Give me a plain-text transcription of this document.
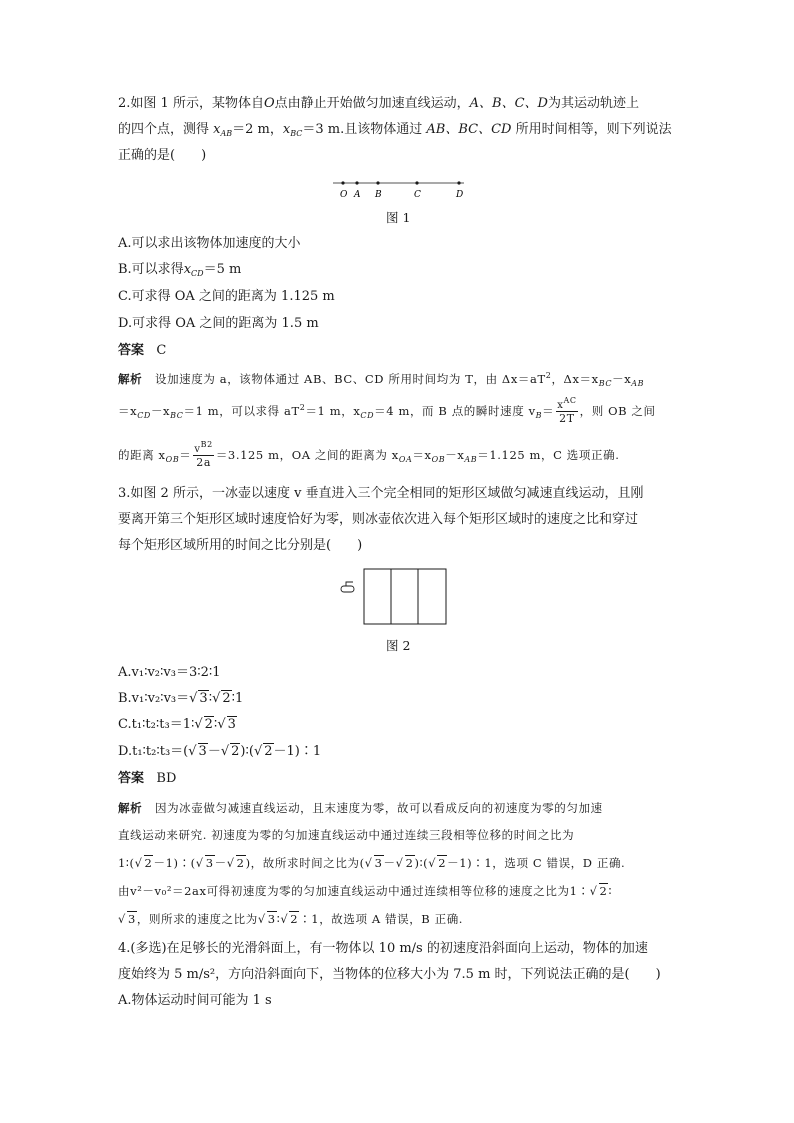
2.如图 1 所示，某物体自O点由静止开始做匀加速直线运动，A、B、C、D为其运动轨迹上
的四个点，测得 $x_{AB}=2$ m，$x_{BC}=3$ m.且该物体通过 AB、BC、CD 所用时间相等，则下列说法
正确的是(　　)
O A B	C	D
图 1
A.可以求出该物体加速度的大小
B.可以求得$x_{CD}=5$ m
C.可求得 OA 之间的距离为 1.125 m
D.可求得 OA 之间的距离为 1.5 m
答案 C
解析 设加速度为 a，该物体通过 AB、BC、CD 所用时间均为 T，由 $\Delta x=aT^2$，$\Delta x=x_{BC}-x_{AB}$
$=x_{CD}-x_{BC}=1$ m，可以求得 $aT^2=1$ m，$x_{CD}=4$ m，而 B 点的瞬时速度 $v_B= \frac{x^{AC}}{2T}$ ，则 OB 之间
的距离 $x_{OB}= \frac{v^{B2}}{2a} =3.125$ m，OA 之间的距离为 $x_{OA}=x_{OB}-x_{AB}=1.125$ m，C 选项正确.
3.如图 2 所示，一冰壶以速度 v 垂直进入三个完全相同的矩形区域做匀减速直线运动，且刚
要离开第三个矩形区域时速度恰好为零，则冰壶依次进入每个矩形区域时的速度之比和穿过
每个矩形区域所用的时间之比分别是(　　)
图 2
A.v₁∶v₂∶v₃＝3∶2∶1
B.v₁∶v₂∶v₃＝√ 3∶√ 2∶1
C.t₁∶t₂∶t₃＝1∶√ 2∶√ 3
D.t₁∶t₂∶t₃＝(√ 3－√ 2)∶(√ 2－1)∶1
答案 BD
解析 因为冰壶做匀减速直线运动，且末速度为零，故可以看成反向的初速度为零的匀加速
直线运动来研究. 初速度为零的匀加速直线运动中通过连续三段相等位移的时间之比为
1∶(√ 2－1)∶(√ 3－√ 2)，故所求时间之比为(√ 3－√ 2)∶(√ 2－1)∶1，选项 C 错误，D 正确.
由v²－v₀²＝2ax可得初速度为零的匀加速直线运动中通过连续相等位移的速度之比为1∶√ 2∶
√ 3，则所求的速度之比为√ 3∶√ 2∶1，故选项 A 错误，B 正确.
4.(多选)在足够长的光滑斜面上，有一物体以 10 m/s 的初速度沿斜面向上运动，物体的加速
度始终为 5 m/s²，方向沿斜面向下，当物体的位移大小为 7.5 m 时，下列说法正确的是(　　)
A.物体运动时间可能为 1 s
